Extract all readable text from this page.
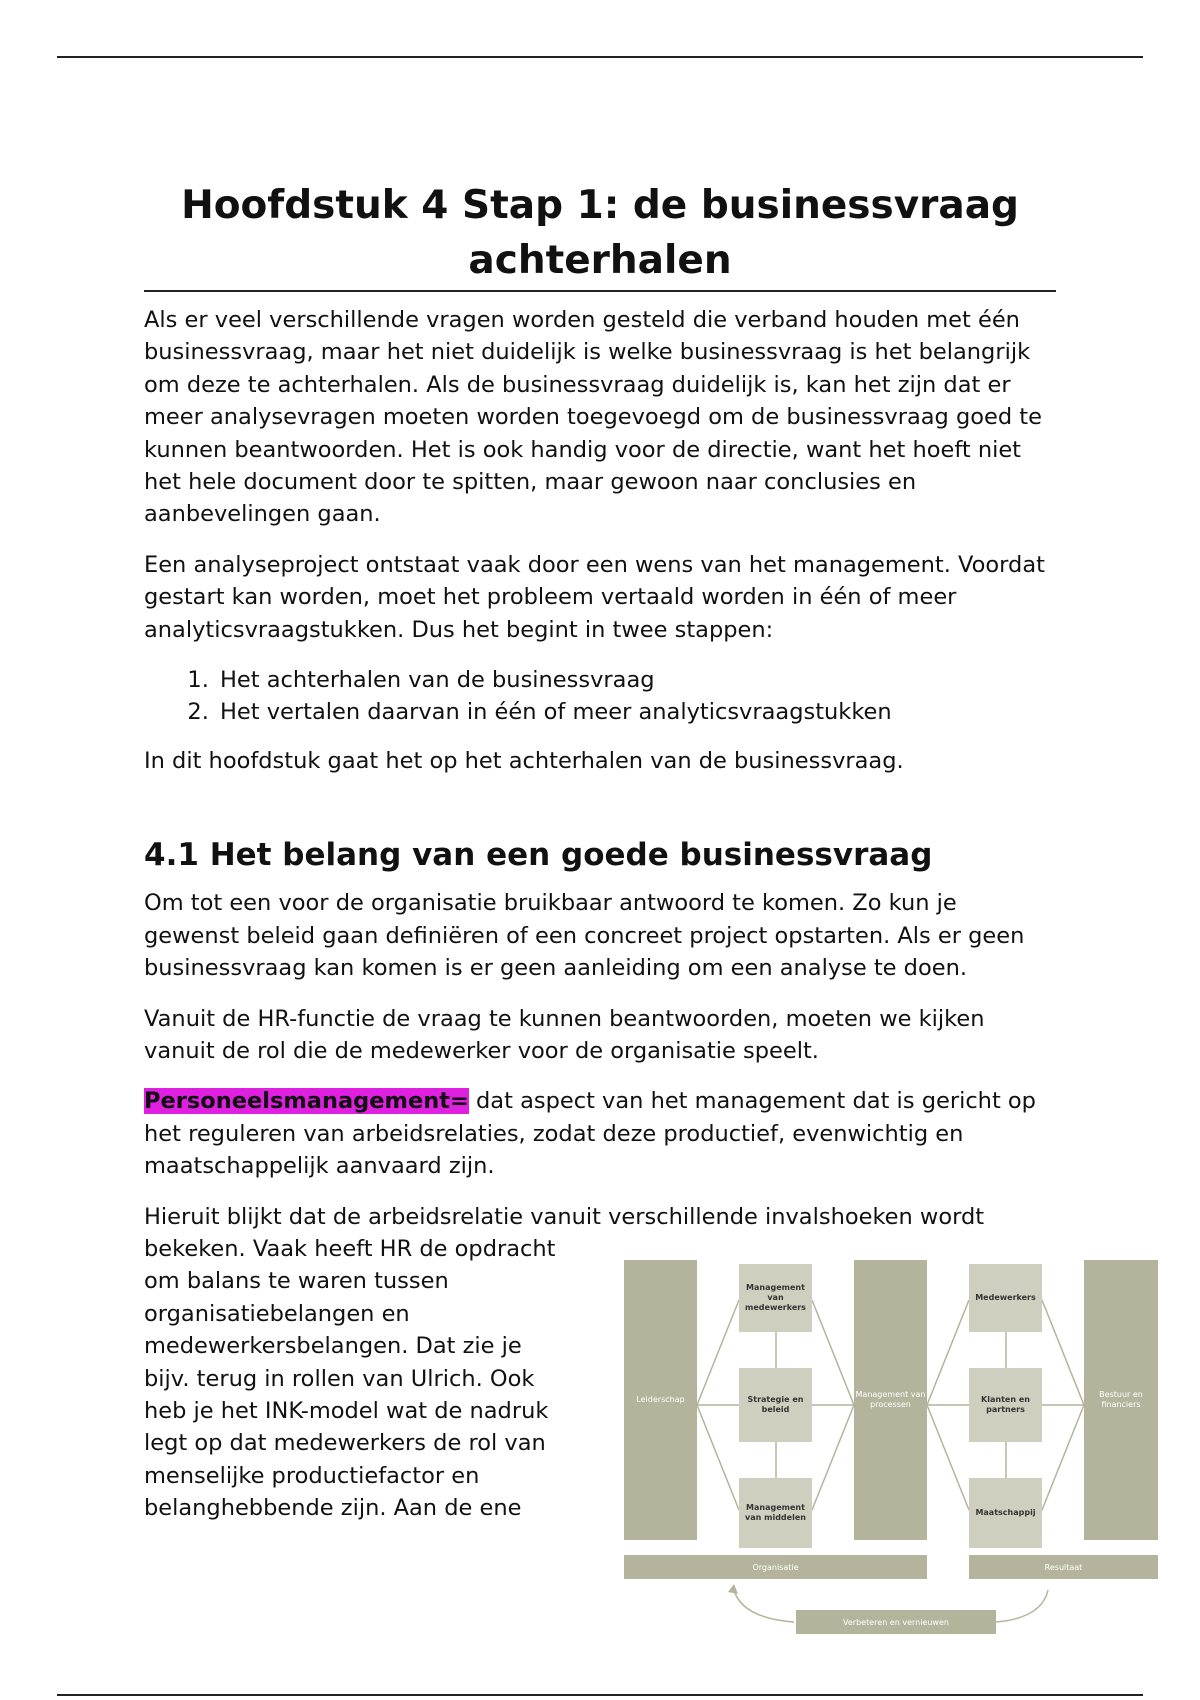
Hoofdstuk 4 Stap 1: de businessvraag achterhalen

Als er veel verschillende vragen worden gesteld die verband houden met één businessvraag, maar het niet duidelijk is welke businessvraag is het belangrijk om deze te achterhalen. Als de businessvraag duidelijk is, kan het zijn dat er meer analysevragen moeten worden toegevoegd om de businessvraag goed te kunnen beantwoorden. Het is ook handig voor de directie, want het hoeft niet het hele document door te spitten, maar gewoon naar conclusies en aanbevelingen gaan.

Een analyseproject ontstaat vaak door een wens van het management. Voordat gestart kan worden, moet het probleem vertaald worden in één of meer analyticsvraagstukken. Dus het begint in twee stappen:

1. Het achterhalen van de businessvraag
2. Het vertalen daarvan in één of meer analyticsvraagstukken

In dit hoofdstuk gaat het op het achterhalen van de businessvraag.

4.1 Het belang van een goede businessvraag

Om tot een voor de organisatie bruikbaar antwoord te komen. Zo kun je gewenst beleid gaan definiëren of een concreet project opstarten. Als er geen businessvraag kan komen is er geen aanleiding om een analyse te doen.

Vanuit de HR-functie de vraag te kunnen beantwoorden, moeten we kijken vanuit de rol die de medewerker voor de organisatie speelt.

Personeelsmanagement= dat aspect van het management dat is gericht op het reguleren van arbeidsrelaties, zodat deze productief, evenwichtig en maatschappelijk aanvaard zijn.

Hieruit blijkt dat de arbeidsrelatie vanuit verschillende invalshoeken wordt
bekeken. Vaak heeft HR de opdracht
om balans te waren tussen
organisatiebelangen en
medewerkersbelangen. Dat zie je
bijv. terug in rollen van Ulrich. Ook
heb je het INK-model wat de nadruk
legt op dat medewerkers de rol van
menselijke productiefactor en
belanghebbende zijn. Aan de ene

Leiderschap
Management van medewerkers
Strategie en beleid
Management van middelen
Management van processen
Medewerkers
Klanten en partners
Maatschappij
Bestuur en financiers
Organisatie	Resultaat
Verbeteren en vernieuwen
